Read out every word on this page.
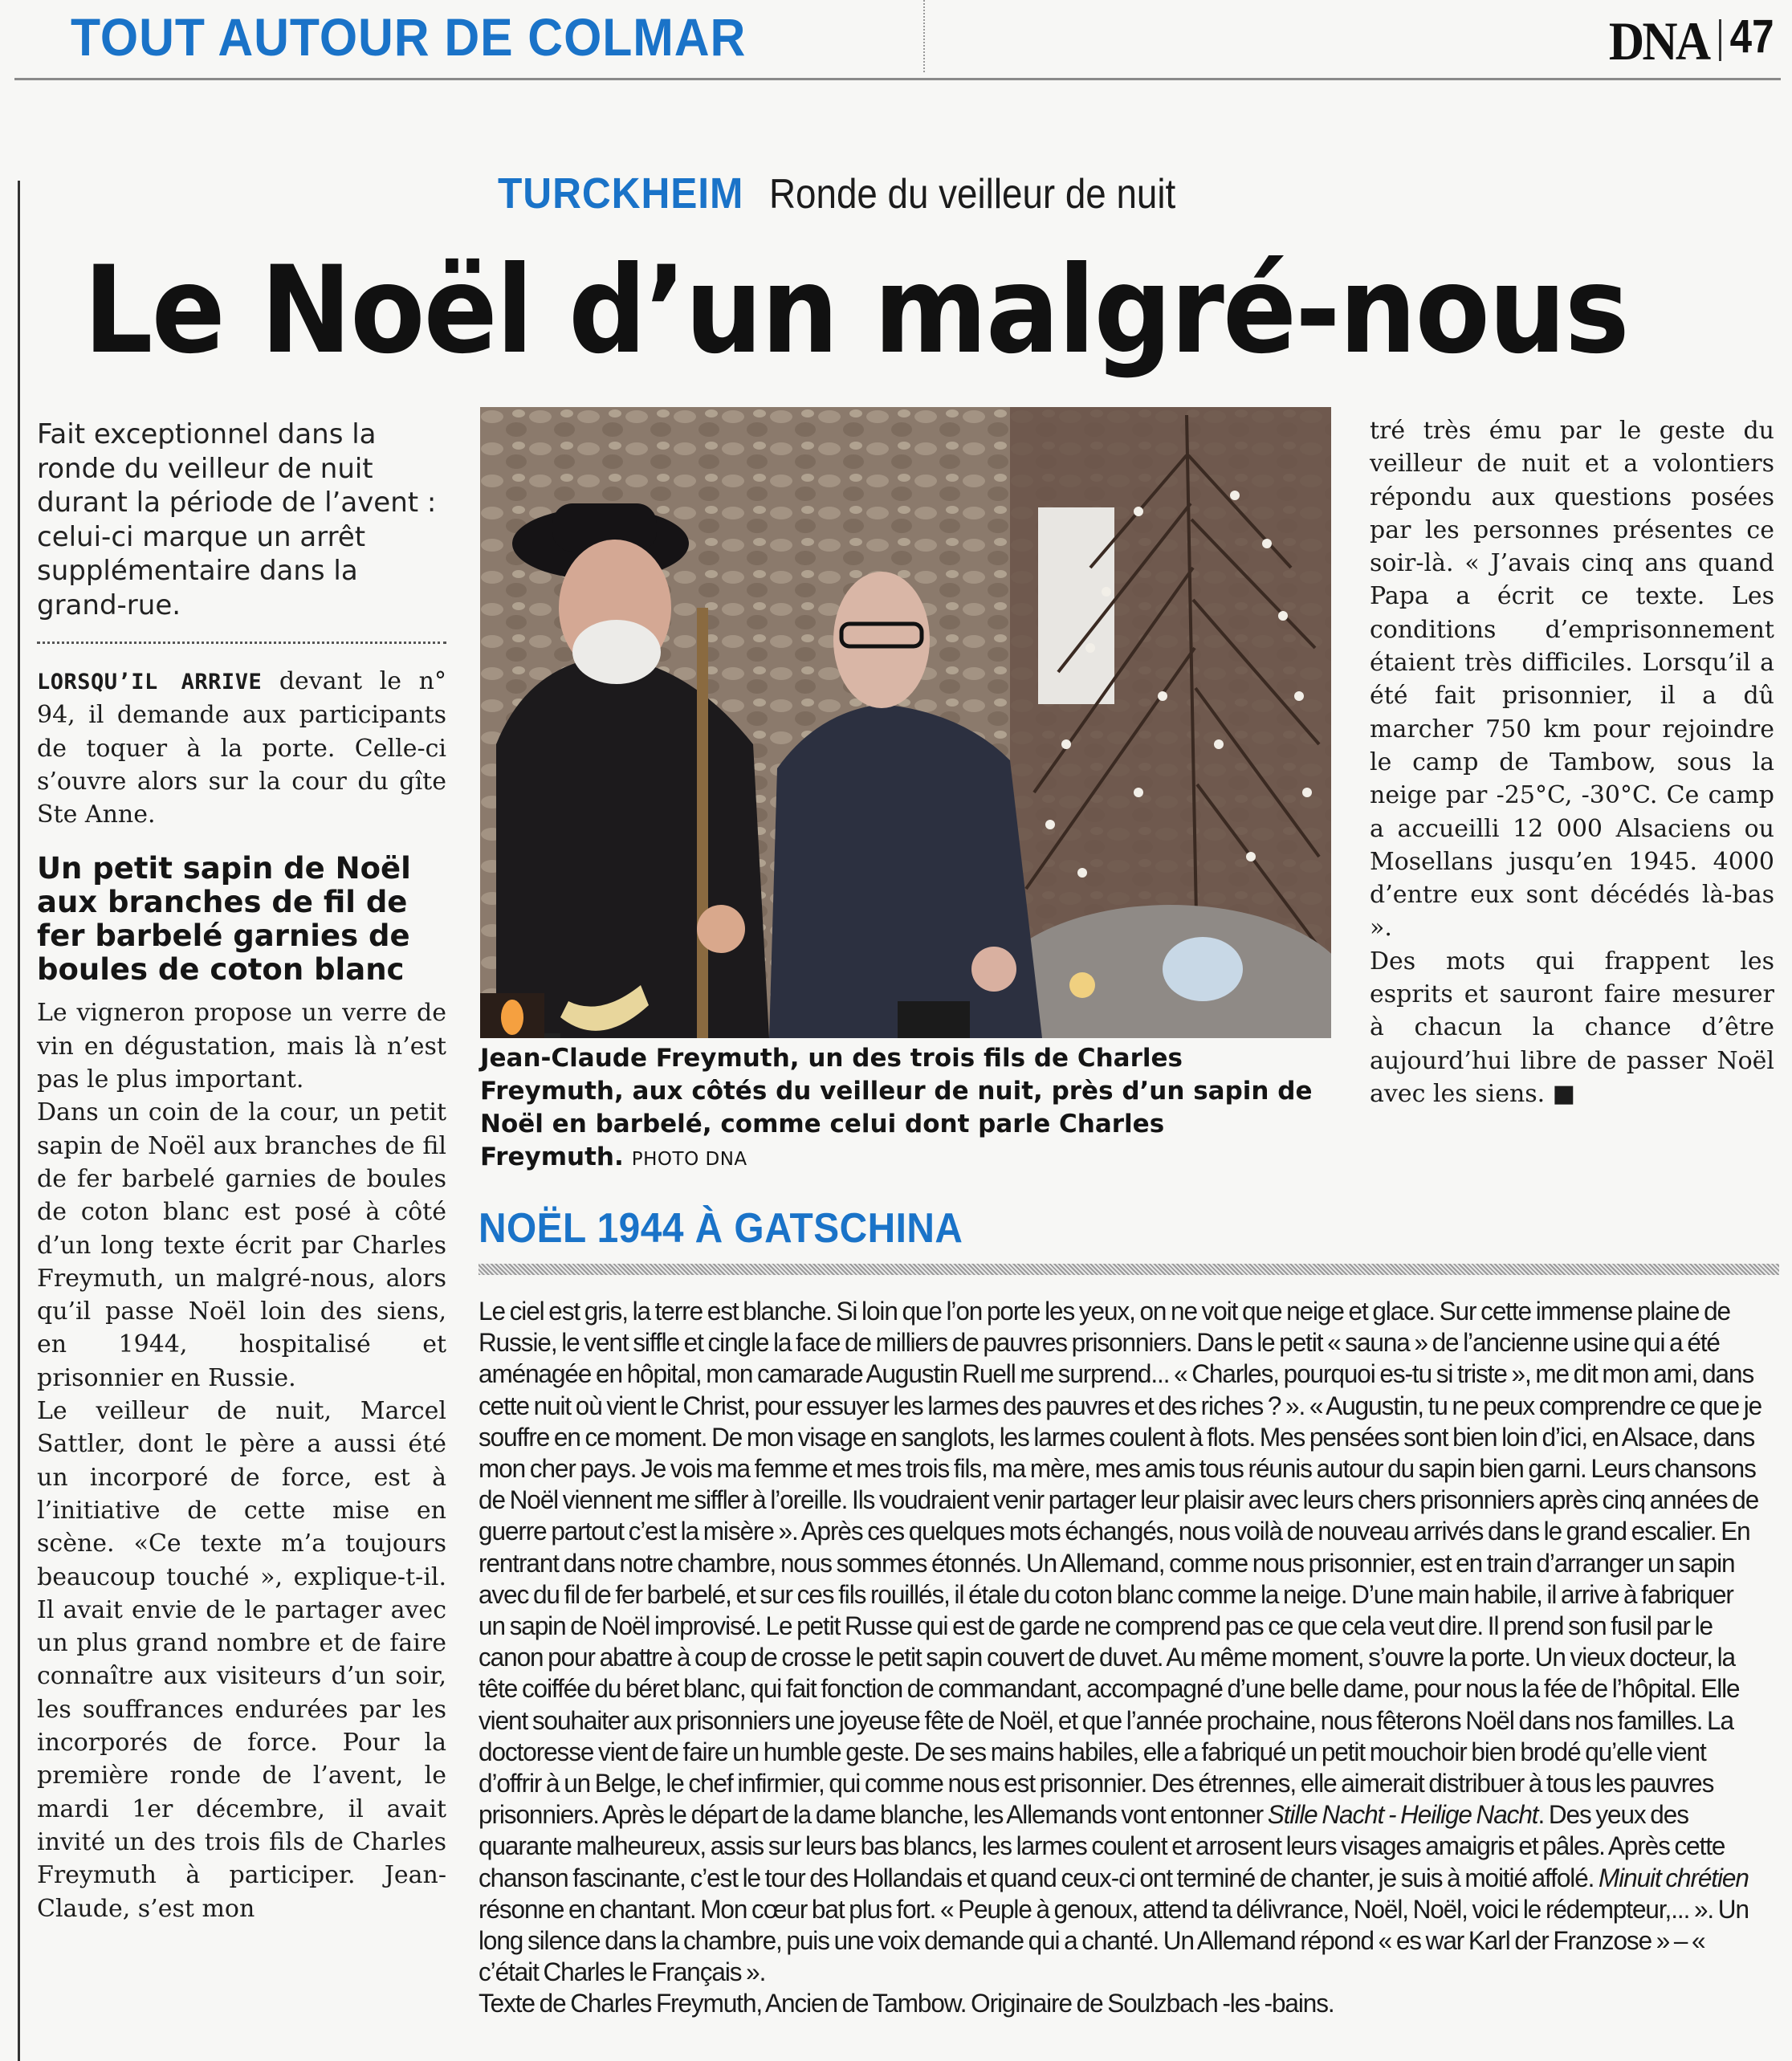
TOUT AUTOUR DE COLMAR	DNA 47
TURCKHEIM Ronde du veilleur de nuit
Le Noël d’un malgré-nous

Fait exceptionnel dans la ronde du veilleur de nuit durant la période de l’avent : celui-ci marque un arrêt supplémentaire dans la grand-rue.

LORSQU’IL ARRIVE devant le n° 94, il demande aux participants de toquer à la porte. Celle-ci s’ouvre alors sur la cour du gîte Ste Anne.

Un petit sapin de Noël aux branches de fil de fer barbelé garnies de boules de coton blanc

Le vigneron propose un verre de vin en dégustation, mais là n’est pas le plus important.

Dans un coin de la cour, un petit sapin de Noël aux branches de fil de fer barbelé garnies de boules de coton blanc est posé à côté d’un long texte écrit par Charles Freymuth, un malgré-nous, alors qu’il passe Noël loin des siens, en 1944, hospitalisé et prisonnier en Russie.

Le veilleur de nuit, Marcel Sattler, dont le père a aussi été un incorporé de force, est à l’initiative de cette mise en scène. «Ce texte m’a toujours beaucoup touché », explique-t-il. Il avait envie de le partager avec un plus grand nombre et de faire connaître aux visiteurs d’un soir, les souffrances endurées par les incorporés de force. Pour la première ronde de l’avent, le mardi 1er décembre, il avait invité un des trois fils de Charles Freymuth à participer. Jean-Claude, s’est mon

Jean-Claude Freymuth, un des trois fils de Charles Freymuth, aux côtés du veilleur de nuit, près d’un sapin de Noël en barbelé, comme celui dont parle Charles Freymuth. PHOTO DNA

tré très ému par le geste du veilleur de nuit et a volontiers répondu aux questions posées par les personnes présentes ce soir-là. « J’avais cinq ans quand Papa a écrit ce texte. Les conditions d’emprisonnement étaient très difficiles. Lorsqu’il a été fait prisonnier, il a dû marcher 750 km pour rejoindre le camp de Tambow, sous la neige par -25°C, -30°C. Ce camp a accueilli 12 000 Alsaciens ou Mosellans jusqu’en 1945. 4000 d’entre eux sont décédés là-bas ».

Des mots qui frappent les esprits et sauront faire mesurer à chacun la chance d’être aujourd’hui libre de passer Noël avec les siens. ■

NOËL 1944 À GATSCHINA

Le ciel est gris, la terre est blanche. Si loin que l’on porte les yeux, on ne voit que neige et glace. Sur cette immense plaine de Russie, le vent siffle et cingle la face de milliers de pauvres prisonniers. Dans le petit « sauna » de l’ancienne usine qui a été aménagée en hôpital, mon camarade Augustin Ruell me surprend... « Charles, pourquoi es-tu si triste », me dit mon ami, dans cette nuit où vient le Christ, pour essuyer les larmes des pauvres et des riches ? ». « Augustin, tu ne peux comprendre ce que je souffre en ce moment. De mon visage en sanglots, les larmes coulent à flots. Mes pensées sont bien loin d’ici, en Alsace, dans mon cher pays. Je vois ma femme et mes trois fils, ma mère, mes amis tous réunis autour du sapin bien garni. Leurs chansons de Noël viennent me siffler à l’oreille. Ils voudraient venir partager leur plaisir avec leurs chers prisonniers après cinq années de guerre partout c’est la misère ». Après ces quelques mots échangés, nous voilà de nouveau arrivés dans le grand escalier. En rentrant dans notre chambre, nous sommes étonnés. Un Allemand, comme nous prisonnier, est en train d’arranger un sapin avec du fil de fer barbelé, et sur ces fils rouillés, il étale du coton blanc comme la neige. D’une main habile, il arrive à fabriquer un sapin de Noël improvisé. Le petit Russe qui est de garde ne comprend pas ce que cela veut dire. Il prend son fusil par le canon pour abattre à coup de crosse le petit sapin couvert de duvet. Au même moment, s’ouvre la porte. Un vieux docteur, la tête coiffée du béret blanc, qui fait fonction de commandant, accompagné d’une belle dame, pour nous la fée de l’hôpital. Elle vient souhaiter aux prisonniers une joyeuse fête de Noël, et que l’année prochaine, nous fêterons Noël dans nos familles. La doctoresse vient de faire un humble geste. De ses mains habiles, elle a fabriqué un petit mouchoir bien brodé qu’elle vient d’offrir à un Belge, le chef infirmier, qui comme nous est prisonnier. Des étrennes, elle aimerait distribuer à tous les pauvres prisonniers. Après le départ de la dame blanche, les Allemands vont entonner Stille Nacht - Heilige Nacht. Des yeux des quarante malheureux, assis sur leurs bas blancs, les larmes coulent et arrosent leurs visages amaigris et pâles. Après cette chanson fascinante, c’est le tour des Hollandais et quand ceux-ci ont terminé de chanter, je suis à moitié affolé. Minuit chrétien résonne en chantant. Mon cœur bat plus fort. « Peuple à genoux, attend ta délivrance, Noël, Noël, voici le rédempteur,... ». Un long silence dans la chambre, puis une voix demande qui a chanté. Un Allemand répond « es war Karl der Franzose » – « c’était Charles le Français ».
Texte de Charles Freymuth, Ancien de Tambow. Originaire de Soulzbach -les -bains.
